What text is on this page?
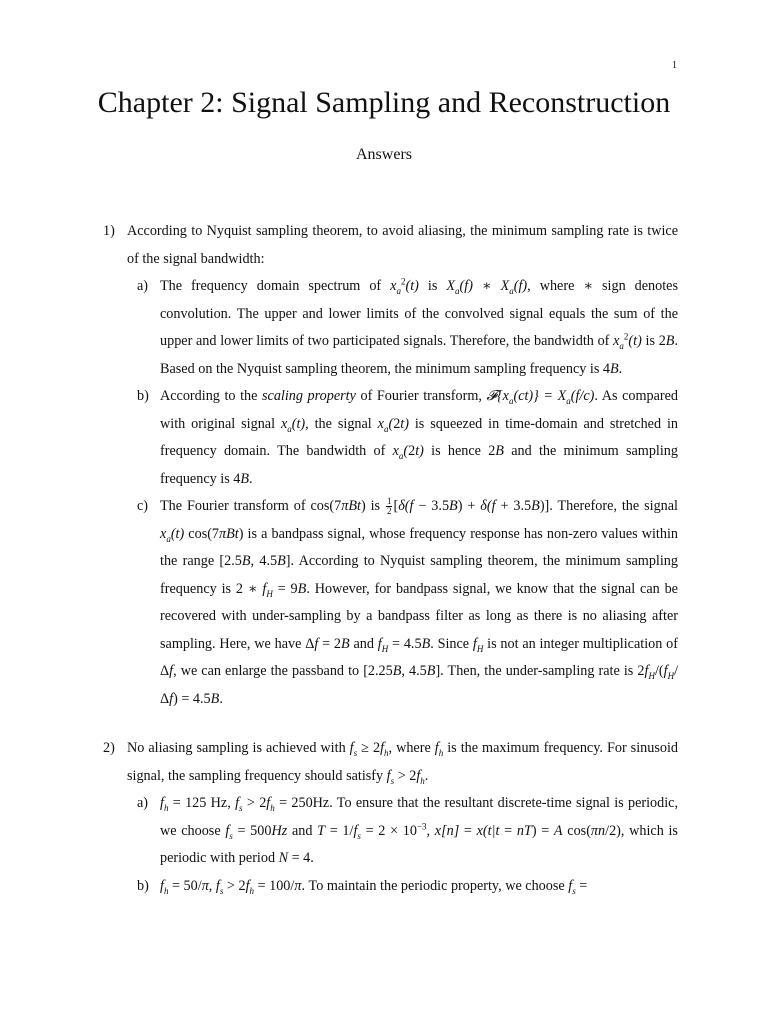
1
Chapter 2: Signal Sampling and Reconstruction
Answers
1) According to Nyquist sampling theorem, to avoid aliasing, the minimum sampling rate is twice of the signal bandwidth:
a) The frequency domain spectrum of $x_a^2(t)$ is $X_a(f)$ ∗ $X_a(f)$, where ∗ sign denotes convolution. The upper and lower limits of the convolved signal equals the sum of the upper and lower limits of two participated signals. Therefore, the bandwidth of $x_a^2(t)$ is 2B. Based on the Nyquist sampling theorem, the minimum sampling frequency is 4B.
b) According to the scaling property of Fourier transform, $𝓕\{x_a(ct)\} = X_a(f/c)$. As compared with original signal $x_a(t)$, the signal $x_a(2t)$ is squeezed in time-domain and stretched in frequency domain. The bandwidth of $x_a(2t)$ is hence 2B and the minimum sampling frequency is 4B.
c) The Fourier transform of cos(7πBt) is $\frac{1}{2} [\delta(f - 3.5B) + \delta(f + 3.5B)]$. Therefore, the signal $x_a(t)$ cos(7πBt) is a bandpass signal, whose frequency response has non-zero values within the range [2.5B, 4.5B]. According to Nyquist sampling theorem, the minimum sampling frequency is 2 ∗ $f_H = 9B$. However, for bandpass signal, we know that the signal can be recovered with under-sampling by a bandpass filter as long as there is no aliasing after sampling. Here, we have Δf = 2B and $f_H = 4.5B$. Since $f_H$ is not an integer multiplication of Δf, we can enlarge the passband to [2.25B, 4.5B]. Then, the under-sampling rate is $2f_H/(f_H/\Delta f) = 4.5B$.
2) No aliasing sampling is achieved with $f_s \ge 2f_h$, where $f_h$ is the maximum frequency. For sinusoid signal, the sampling frequency should satisfy $f_s > 2f_h$.
a) $f_h = 125$ Hz, $f_s > 2f_h = 250Hz$. To ensure that the resultant discrete-time signal is periodic, we choose $f_s = 500Hz$ and $T = 1/f_s = 2 \times 10^{-3}$, x[n] = x(t|t = nT) = A cos(πn/2), which is periodic with period N = 4.
b) $f_h = 50/\pi$, $f_s > 2f_h = 100/\pi$. To maintain the periodic property, we choose $f_s$ =
